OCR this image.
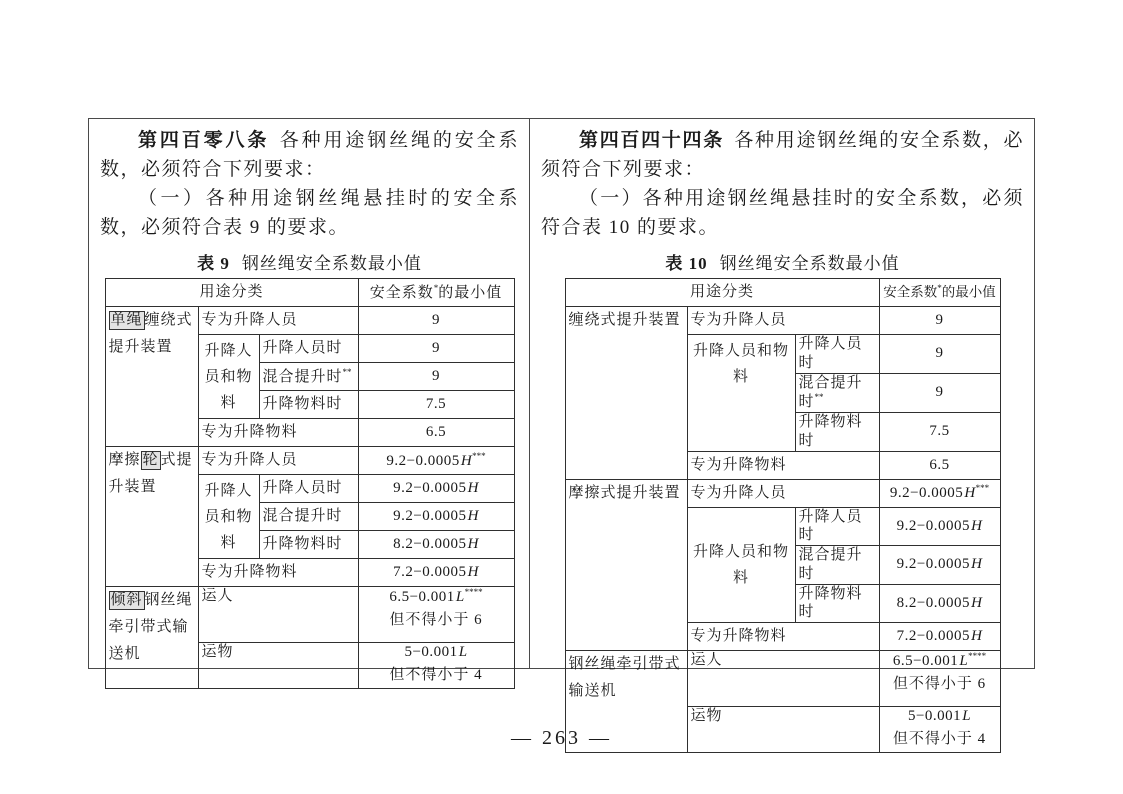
第四百零八条 各种用途钢丝绳的安全系数，必须符合下列要求：

（一）各种用途钢丝绳悬挂时的安全系数，必须符合表 9 的要求。

表 9 钢丝绳安全系数最小值
用途分类			安全系数*的最小值
单绳 缠绕式提升装置	专为升降人员		9
	升降人员和物料	升降人员时	9
		混合提升时**	9
		升降物料时	7.5
	专为升降物料		6.5
摩擦 轮 式提升装置	专为升降人员		9.2−0.0005H***
	升降人员和物料	升降人员时	9.2−0.0005H
		混合提升时	9.2−0.0005H
		升降物料时	8.2−0.0005H
	专为升降物料		7.2−0.0005H
倾斜 钢丝绳牵引带式输送机	运人		6.5−0.001L****
但不得小于 6

	运物		5−0.001L
但不得小于 4

第四百四十四条 各种用途钢丝绳的安全系数，必须符合下列要求：

（一）各种用途钢丝绳悬挂时的安全系数，必须符合表 10 的要求。

表 10 钢丝绳安全系数最小值
用途分类			安全系数*的最小值
缠绕式提升装置	专为升降人员		9
	升降人员和物料	升降人员时	9
		混合提升时**	9
		升降物料时	7.5
	专为升降物料		6.5
摩擦式提升装置	专为升降人员		9.2−0.0005H***
	升降人员和物料	升降人员时	9.2−0.0005H
		混合提升时	9.2−0.0005H
		升降物料时	8.2−0.0005H
	专为升降物料		7.2−0.0005H
钢丝绳牵引带式输送机	运人		6.5−0.001L****
但不得小于 6

	运物		5−0.001L
但不得小于 4
— 263 —
